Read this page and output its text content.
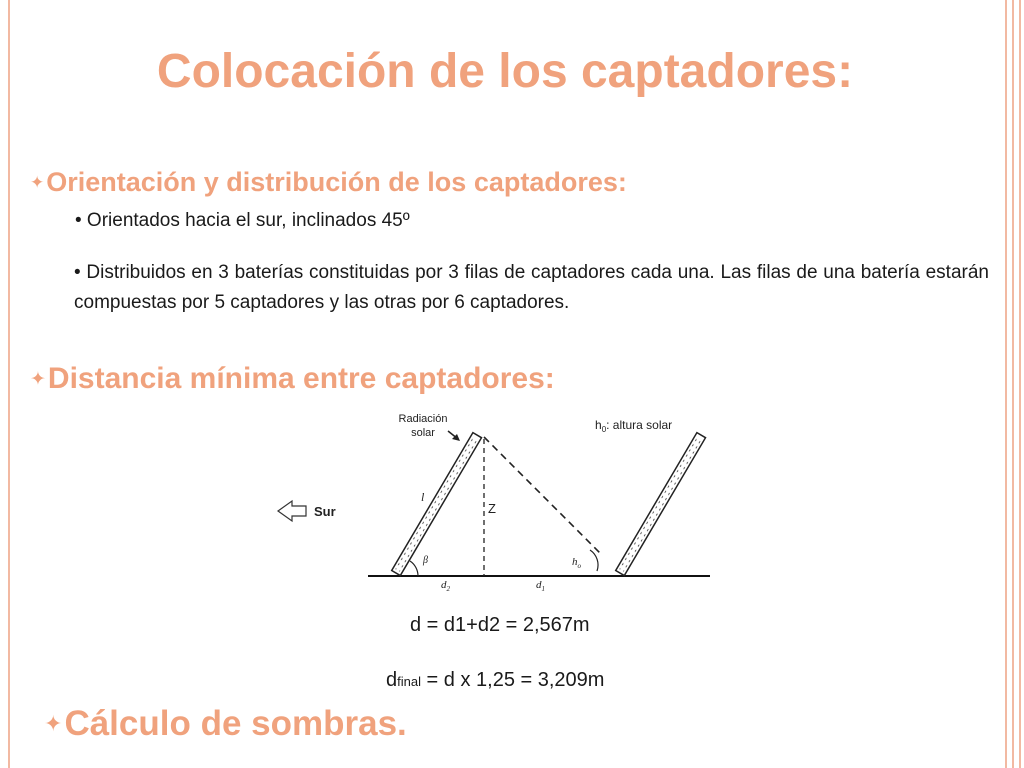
Colocación de los captadores:
✦ Orientación y distribución de los captadores:
• Orientados hacia el sur, inclinados 45º
• Distribuidos en 3 baterías constituidas por 3 filas de captadores cada una. Las filas de una batería estarán compuestas por 5 captadores y las otras por 6 captadores.
✦ Distancia mínima entre captadores:
Radiación
solar
$h_0$: altura solar
Sur
l
Z
β	$h_o$
$d_2$	$d_1$
d = d1+d2 = 2,567m
dfinal = d x 1,25 = 3,209m
✦ Cálculo de sombras.
